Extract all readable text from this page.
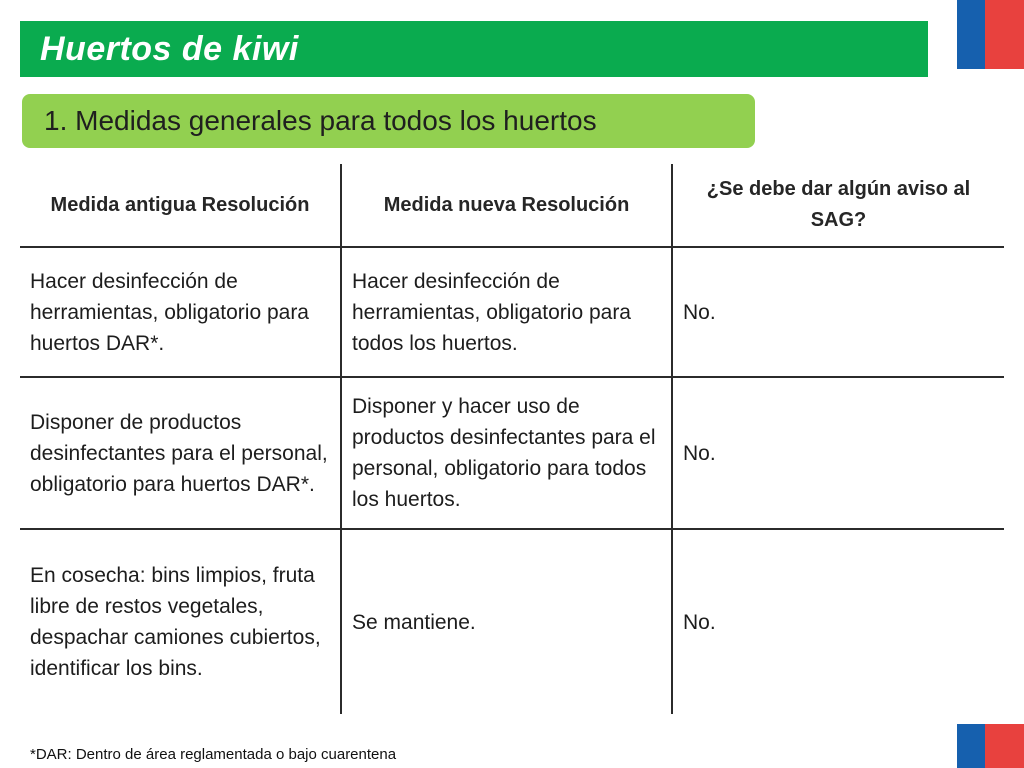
Huertos de kiwi
1. Medidas generales para todos los huertos
Medida antigua Resolución	Medida nueva Resolución	¿Se debe dar algún aviso al SAG?
Hacer desinfección de herramientas, obligatorio para huertos DAR*.	Hacer desinfección de herramientas, obligatorio para todos los huertos.	No.
Disponer de productos desinfectantes para el personal, obligatorio para huertos DAR*.	Disponer y hacer uso de productos desinfectantes para el personal, obligatorio para todos los huertos.	No.
En cosecha: bins limpios, fruta libre de restos vegetales, despachar camiones cubiertos, identificar los bins.	Se mantiene.	No.
*DAR: Dentro de área reglamentada o bajo cuarentena
